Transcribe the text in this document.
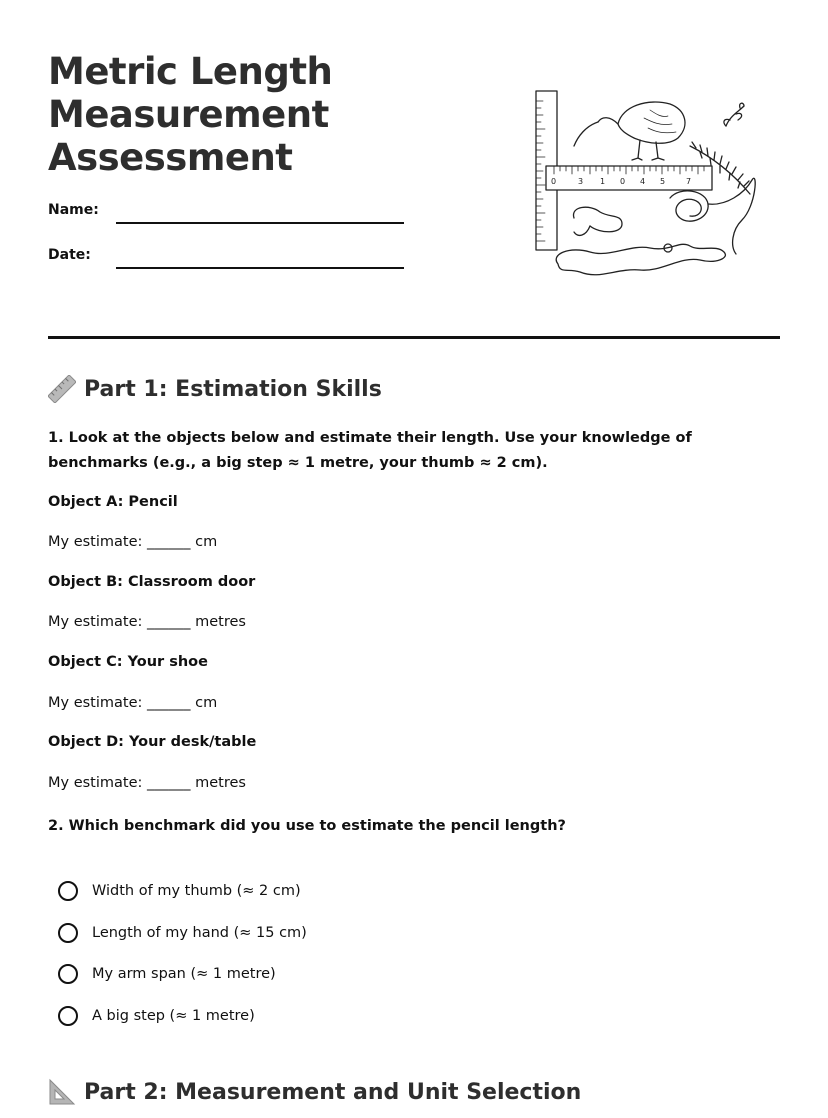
Metric Length
Measurement
Assessment
Name:
Date:
0	3 1 0 4 5	7
Part 1: Estimation Skills

1. Look at the objects below and estimate their length. Use your knowledge of benchmarks (e.g., a big step ≈ 1 metre, your thumb ≈ 2 cm).

Object A: Pencil

My estimate: ______ cm

Object B: Classroom door

My estimate: ______ metres

Object C: Your shoe

My estimate: ______ cm

Object D: Your desk/table

My estimate: ______ metres

2. Which benchmark did you use to estimate the pencil length?

Width of my thumb (≈ 2 cm)
Length of my hand (≈ 15 cm)
My arm span (≈ 1 metre)
A big step (≈ 1 metre)
Part 2: Measurement and Unit Selection
